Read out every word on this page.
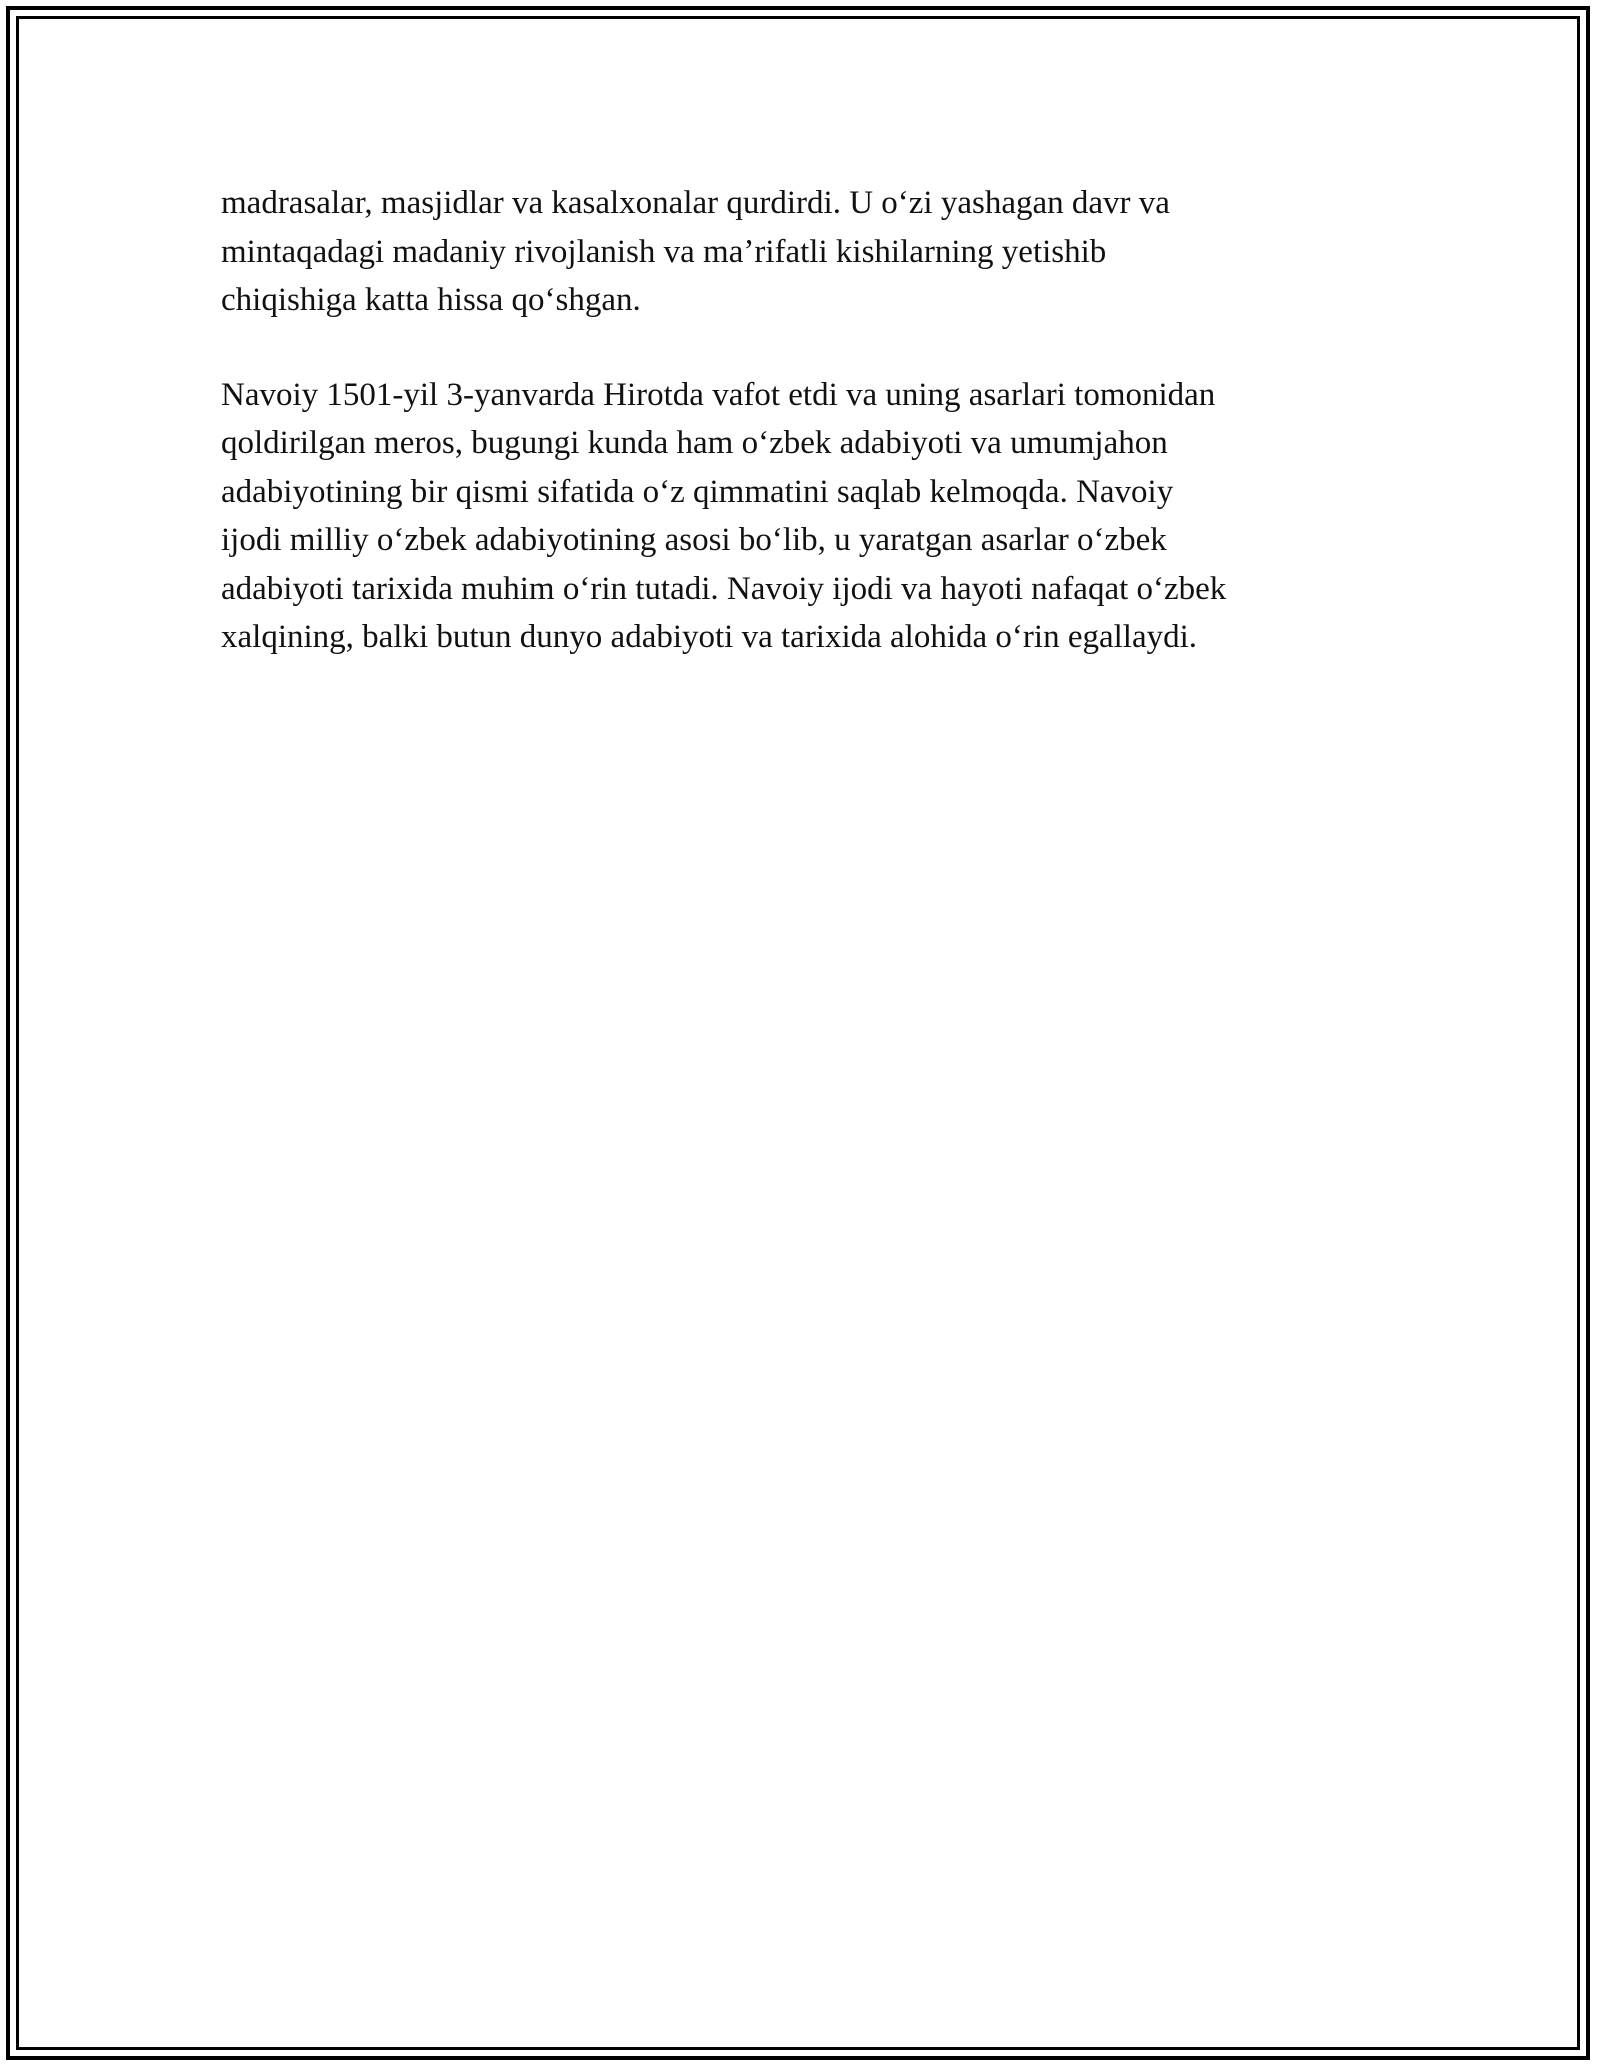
madrasalar, masjidlar va kasalxonalar qurdirdi. U oʻzi yashagan davr va
mintaqadagi madaniy rivojlanish va maʼrifatli kishilarning yetishib
chiqishiga katta hissa qoʻshgan.

Navoiy 1501-yil 3-yanvarda Hirotda vafot etdi va uning asarlari tomonidan
qoldirilgan meros, bugungi kunda ham oʻzbek adabiyoti va umumjahon
adabiyotining bir qismi sifatida oʻz qimmatini saqlab kelmoqda. Navoiy
ijodi milliy oʻzbek adabiyotining asosi boʻlib, u yaratgan asarlar oʻzbek
adabiyoti tarixida muhim oʻrin tutadi. Navoiy ijodi va hayoti nafaqat oʻzbek
xalqining, balki butun dunyo adabiyoti va tarixida alohida oʻrin egallaydi.
